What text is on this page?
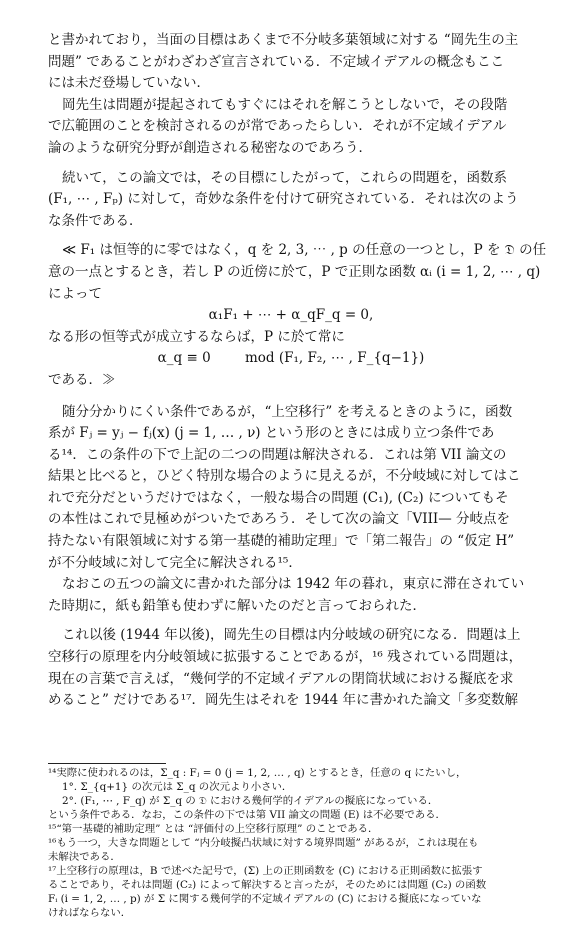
と書かれており，当面の目標はあくまで不分岐多葉領域に対する “岡先生の主
問題” であることがわざわざ宣言されている．不定域イデアルの概念もここ
には未だ登場していない．

岡先生は問題が提起されてもすぐにはそれを解こうとしないで，その段階
で広範囲のことを検討されるのが常であったらしい．それが不定域イデアル
論のような研究分野が創造される秘密なのであろう．

続いて，この論文では，その目標にしたがって，これらの問題を，函数系
(F₁, ⋯ , Fₚ) に対して，奇妙な条件を付けて研究されている．それは次のよう
な条件である．

≪ F₁ は恒等的に零ではなく，q を 2, 3, ⋯ , p の任意の一つとし，P を 𝔇 の任
意の一点とするとき，若し P の近傍に於て，P で正則な函数 αᵢ (i = 1, 2, ⋯ , q)
によって

α₁F₁ + ⋯ + α_qF_q = 0,

なる形の恒等式が成立するならば，P に於て常に

α_q ≡ 0        mod (F₁, F₂, ⋯ , F_{q−1})

である．≫

随分分かりにくい条件であるが，“上空移行” を考えるときのように，函数
系が Fⱼ = yⱼ − fⱼ(x) (j = 1, … , ν) という形のときには成り立つ条件であ
る¹⁴．この条件の下で上記の二つの問題は解決される．これは第 VII 論文の
結果と比べると，ひどく特別な場合のように見えるが，不分岐域に対してはこ
れで充分だというだけではなく，一般な場合の問題 (C₁), (C₂) についてもそ
の本性はこれで見極めがついたであろう．そして次の論文「VIII— 分岐点を
持たない有限領域に対する第一基礎的補助定理」で「第二報告」の “仮定 H”
が不分岐域に対して完全に解決される¹⁵．

なおこの五つの論文に書かれた部分は 1942 年の暮れ，東京に滞在されてい
た時期に，紙も鉛筆も使わずに解いたのだと言っておられた．

これ以後 (1944 年以後)，岡先生の目標は内分岐域の研究になる．問題は上
空移行の原理を内分岐領域に拡張することであるが，¹⁶ 残されている問題は，
現在の言葉で言えば，“幾何学的不定域イデアルの閉筒状域における擬底を求
めること” だけである¹⁷．岡先生はそれを 1944 年に書かれた論文「多変数解

¹⁴実際に使われるのは，Σ_q : Fⱼ = 0 (j = 1, 2, … , q) とするとき，任意の q にたいし，
1°. Σ_{q+1} の次元は Σ_q の次元より小さい．
2°. (F₁, ⋯ , F_q) が Σ_q の 𝔇 における幾何学的イデアルの擬底になっている．
という条件である．なお，この条件の下では第 VII 論文の問題 (E) は不必要である．

¹⁵“第一基礎的補助定理” とは “評価付の上空移行原理” のことである．

¹⁶もう一つ，大きな問題として “内分岐擬凸状域に対する境界問題” があるが，これは現在も
未解決である．

¹⁷上空移行の原理は，B で述べた記号で，(Σ) 上の正則函数を (C) における正則函数に拡張す
ることであり，それは問題 (C₂) によって解決すると言ったが，そのためには問題 (C₂) の函数
Fᵢ (i = 1, 2, … , p) が Σ に関する幾何学的不定域イデアルの (C) における擬底になっていな
ければならない．
